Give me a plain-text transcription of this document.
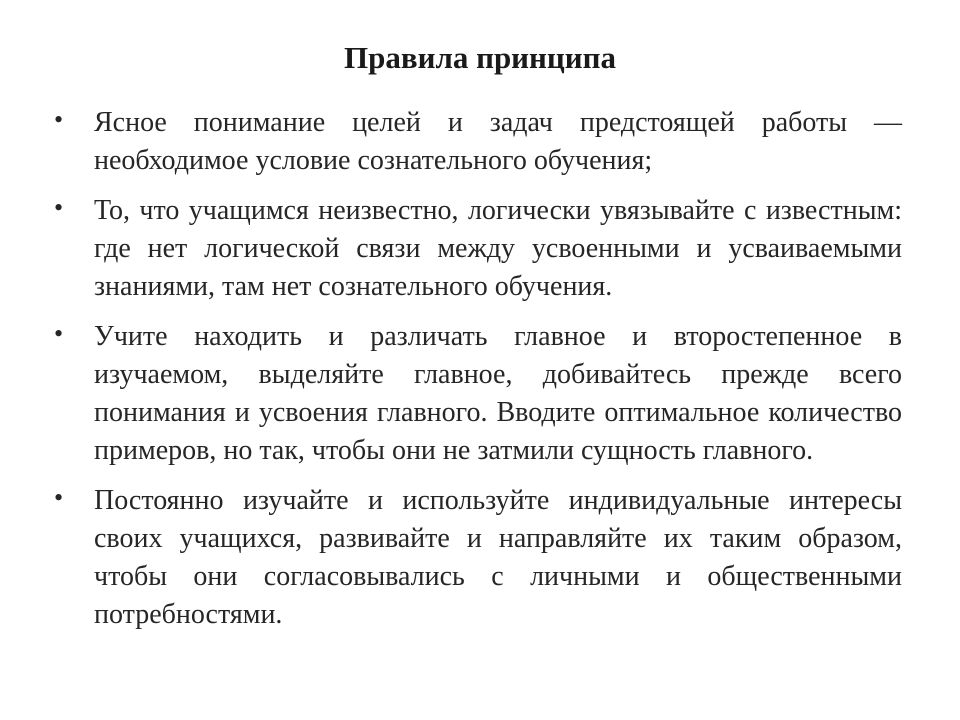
Правила принципа
•	Ясное понимание целей и задач предстоящей работы — необходимое условие сознательного обучения;
•	То, что учащимся неизвестно, логически увязывайте с известным: где нет логической связи между усвоенными и усваиваемыми знаниями, там нет сознательного обучения.
•	Учите находить и различать главное и второстепенное в изучаемом, выделяйте главное, добивайтесь прежде всего понимания и усвоения главного. Вводите оптимальное количество примеров, но так, чтобы они не затмили сущность главного.
•	Постоянно изучайте и используйте индивидуальные интересы своих учащихся, развивайте и направляйте их таким образом, чтобы они согласовывались с личными и общественными потребностями.
